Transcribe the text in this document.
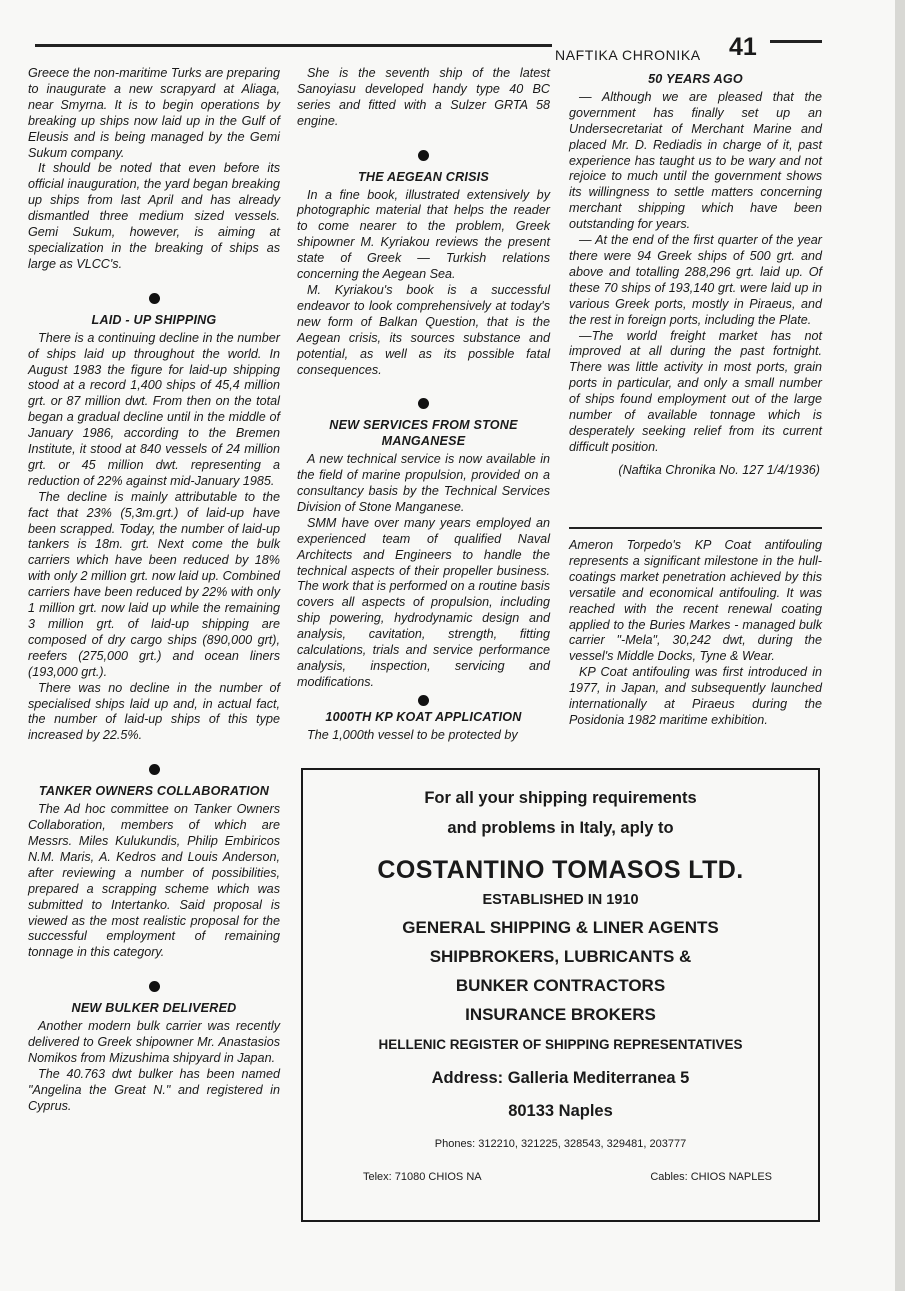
NAFTIKA CHRONIKA 41

Greece the non-maritime Turks are preparing to inaugurate a new scrapyard at Aliaga, near Smyrna. It is to begin operations by breaking up ships now laid up in the Gulf of Eleusis and is being managed by the Gemi Sukum company.

It should be noted that even before its official inauguration, the yard began breaking up ships from last April and has already dismantled three medium sized vessels. Gemi Sukum, however, is aiming at specialization in the breaking of ships as large as VLCC's.

LAID - UP SHIPPING

There is a continuing decline in the number of ships laid up throughout the world. In August 1983 the figure for laid-up shipping stood at a record 1,400 ships of 45,4 million grt. or 87 million dwt. From then on the total began a gradual decline until in the middle of January 1986, according to the Bremen Institute, it stood at 840 vessels of 24 million grt. or 45 million dwt. representing a reduction of 22% against mid-January 1985.

The decline is mainly attributable to the fact that 23% (5,3m.grt.) of laid-up have been scrapped. Today, the number of laid-up tankers is 18m. grt. Next come the bulk carriers which have been reduced by 18% with only 2 million grt. now laid up. Combined carriers have been reduced by 22% with only 1 million grt. now laid up while the remaining 3 million grt. of laid-up shipping are composed of dry cargo ships (890,000 grt), reefers (275,000 grt.) and ocean liners (193,000 grt.).

There was no decline in the number of specialised ships laid up and, in actual fact, the number of laid-up ships of this type increased by 22.5%.

TANKER OWNERS COLLABORATION

The Ad hoc committee on Tanker Owners Collaboration, members of which are Messrs. Miles Kulukundis, Philip Embiricos N.M. Maris, A. Kedros and Louis Anderson, after reviewing a number of possibilities, prepared a scrapping scheme which was submitted to Intertanko. Said proposal is viewed as the most realistic proposal for the successful employment of remaining tonnage in this category.

NEW BULKER DELIVERED

Another modern bulk carrier was recently delivered to Greek shipowner Mr. Anastasios Nomikos from Mizushima shipyard in Japan.

The 40.763 dwt bulker has been named "Angelina the Great N." and registered in Cyprus.

She is the seventh ship of the latest Sanoyiasu developed handy type 40 BC series and fitted with a Sulzer GRTA 58 engine.

THE AEGEAN CRISIS

In a fine book, illustrated extensively by photographic material that helps the reader to come nearer to the problem, Greek shipowner M. Kyriakou reviews the present state of Greek — Turkish relations concerning the Aegean Sea.

M. Kyriakou's book is a successful endeavor to look comprehensively at today's new form of Balkan Question, that is the Aegean crisis, its sources substance and potential, as well as its possible fatal consequences.

NEW SERVICES FROM STONE MANGANESE

A new technical service is now available in the field of marine propulsion, provided on a consultancy basis by the Technical Services Division of Stone Manganese.

SMM have over many years employed an experienced team of qualified Naval Architects and Engineers to handle the technical aspects of their propeller business. The work that is performed on a routine basis covers all aspects of propulsion, including ship powering, hydrodynamic design and analysis, cavitation, strength, fitting calculations, trials and service performance analysis, inspection, servicing and modifications.

1000TH KP KOAT APPLICATION

The 1,000th vessel to be protected by

50 YEARS AGO

— Although we are pleased that the government has finally set up an Undersecretariat of Merchant Marine and placed Mr. D. Rediadis in charge of it, past experience has taught us to be wary and not rejoice to much until the government shows its willingness to settle matters concerning merchant shipping which have been outstanding for years.

— At the end of the first quarter of the year there were 94 Greek ships of 500 grt. and above and totalling 288,296 grt. laid up. Of these 70 ships of 193,140 grt. were laid up in various Greek ports, mostly in Piraeus, and the rest in foreign ports, including the Plate.

—The world freight market has not improved at all during the past fortnight. There was little activity in most ports, grain ports in particular, and only a small number of ships found employment out of the large number of available tonnage which is desperately seeking relief from its current difficult position.

(Naftika Chronika No. 127 1/4/1936)

Ameron Torpedo's KP Coat antifouling represents a significant milestone in the hull-coatings market penetration achieved by this versatile and economical antifouling. It was reached with the recent renewal coating applied to the Buries Markes - managed bulk carrier "-Mela", 30,242 dwt, during the vessel's Middle Docks, Tyne & Wear.

KP Coat antifouling was first introduced in 1977, in Japan, and subsequently launched internationally at Piraeus during the Posidonia 1982 maritime exhibition.

For all your shipping requirements
and problems in Italy, aply to
COSTANTINO TOMASOS LTD.
ESTABLISHED IN 1910
GENERAL SHIPPING & LINER AGENTS
SHIPBROKERS, LUBRICANTS &
BUNKER CONTRACTORS
INSURANCE BROKERS
HELLENIC REGISTER OF SHIPPING REPRESENTATIVES
Address: Galleria Mediterranea 5
80133 Naples
Phones: 312210, 321225, 328543, 329481, 203777
Telex: 71080 CHIOS NA	Cables: CHIOS NAPLES
